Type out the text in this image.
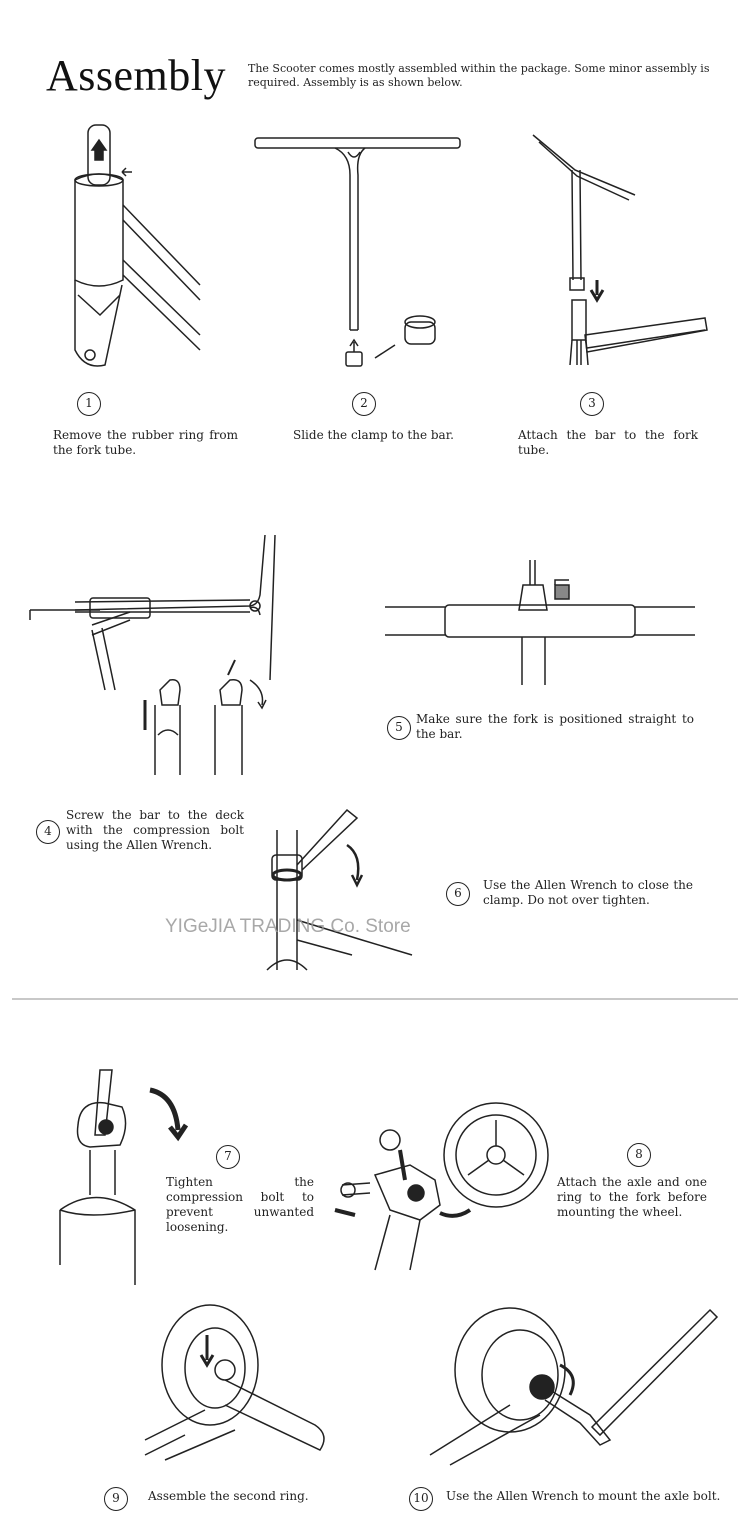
Assembly The Scooter comes mostly assembled within the package. Some minor assembly is required. Assembly is as shown below.
1
Remove the rubber ring from the fork tube.
2
Slide the clamp to the bar.
3
Attach the bar to the fork tube.
4
Screw the bar to the deck with the compression bolt using the Allen Wrench.
5
Make sure the fork is positioned straight to the bar.
6
Use the Allen Wrench to close the clamp. Do not over tighten.
YIGeJIA TRADING Co. Store
7
Tighten the compression bolt to prevent unwanted loosening.
8
Attach the axle and one ring to the fork before mounting the wheel.
9	Assemble the second ring.	10	Use the Allen Wrench to mount the axle bolt.
